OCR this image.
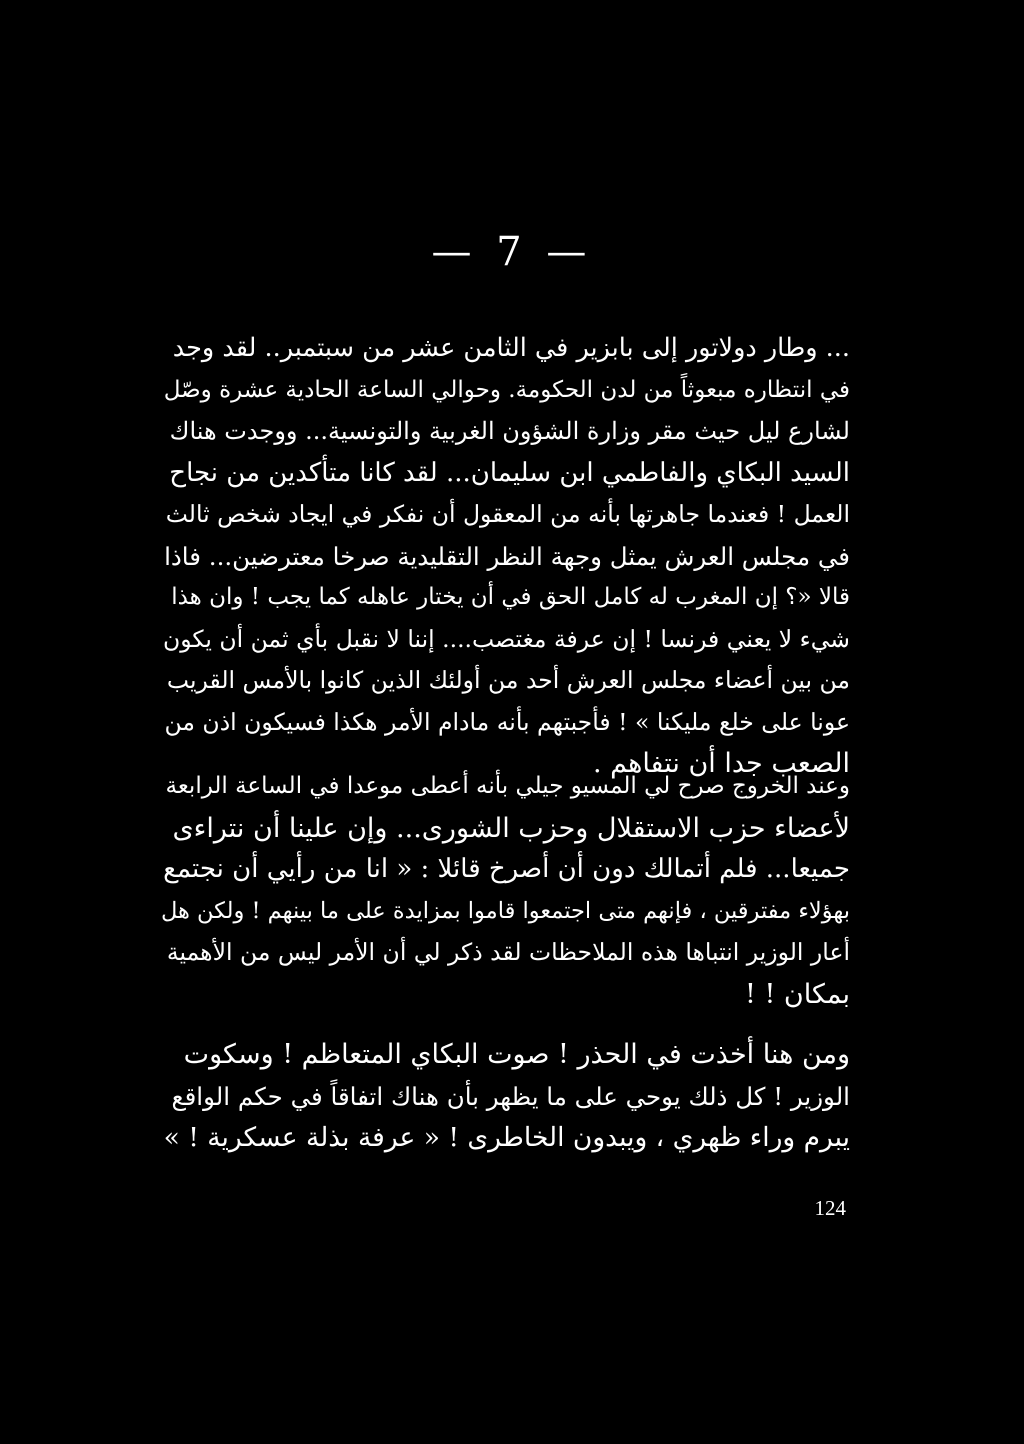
— 7 —
... وطار دولاتور إلى بابزير في الثامن عشر من سبتمبر.. لقد وجد
في انتظاره مبعوثاً من لدن الحكومة. وحوالي الساعة الحادية عشرة وصّل
لشارع ليل حيث مقر وزارة الشؤون الغربية والتونسية... ووجدت هناك
السيد البكاي والفاطمي ابن سليمان... لقد كانا متأكدين من نجاح
العمل ! فعندما جاهرتها بأنه من المعقول أن نفكر في ايجاد شخص ثالث
في مجلس العرش يمثل وجهة النظر التقليدية صرخا معترضين... فاذا
قالا «؟ إن المغرب له كامل الحق في أن يختار عاهله كما يجب ! وان هذا
شيء لا يعني فرنسا ! إن عرفة مغتصب.... إننا لا نقبل بأي ثمن أن يكون
من بين أعضاء مجلس العرش أحد من أولئك الذين كانوا بالأمس القريب
عونا على خلع مليكنا » ! فأجبتهم بأنه مادام الأمر هكذا فسيكون اذن من
الصعب جدا أن نتفاهم .
وعند الخروج صرح لي المسيو جيلي بأنه أعطى موعدا في الساعة الرابعة
لأعضاء حزب الاستقلال وحزب الشورى... وإن علينا أن نتراءى
جميعا... فلم أتمالك دون أن أصرخ قائلا : « انا من رأيي أن نجتمع
بهؤلاء مفترقين ، فإنهم متى اجتمعوا قاموا بمزايدة على ما بينهم ! ولكن هل
أعار الوزير انتباها هذه الملاحظات لقد ذكر لي أن الأمر ليس من الأهمية
بمكان ! !
ومن هنا أخذت في الحذر ! صوت البكاي المتعاظم ! وسكوت
الوزير ! كل ذلك يوحي على ما يظهر بأن هناك اتفاقاً في حكم الواقع
يبرم وراء ظهري ، ويبدون الخاطرى ! « عرفة بذلة عسكرية ! »
124
